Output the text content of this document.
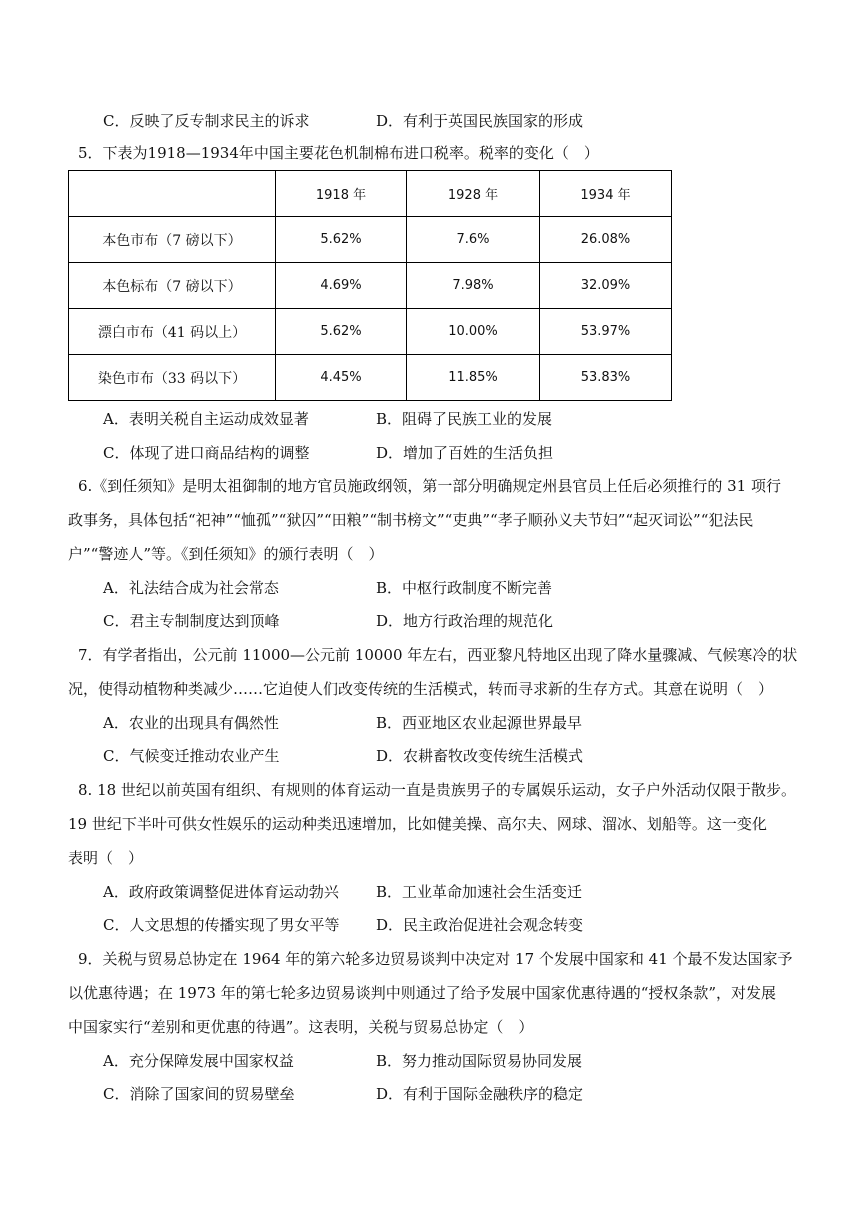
C．反映了反专制求民主的诉求	D．有利于英国民族国家的形成
5．下表为1918—1934年中国主要花色机制棉布进口税率。税率的变化（　）
	1918 年	1928 年	1934 年
本色市布（7 磅以下）	5.62%	7.6%	26.08%
本色标布（7 磅以下）	4.69%	7.98%	32.09%
漂白市布（41 码以上）	5.62%	10.00%	53.97%
染色市布（33 码以下）	4.45%	11.85%	53.83%
A．表明关税自主运动成效显著	B．阻碍了民族工业的发展
C．体现了进口商品结构的调整	D．增加了百姓的生活负担
6.《到任须知》是明太祖御制的地方官员施政纲领，第一部分明确规定州县官员上任后必须推行的 31 项行
政事务，具体包括“祀神”“恤孤”“狱囚”“田粮”“制书榜文”“吏典”“孝子顺孙义夫节妇”“起灭词讼”“犯法民
户”“警迹人”等。《到任须知》的颁行表明（　）
A．礼法结合成为社会常态	B．中枢行政制度不断完善
C．君主专制制度达到顶峰	D．地方行政治理的规范化
7．有学者指出，公元前 11000—公元前 10000 年左右，西亚黎凡特地区出现了降水量骤减、气候寒冷的状
况，使得动植物种类减少……它迫使人们改变传统的生活模式，转而寻求新的生存方式。其意在说明（　）
A．农业的出现具有偶然性	B．西亚地区农业起源世界最早
C．气候变迁推动农业产生	D．农耕畜牧改变传统生活模式
8. 18 世纪以前英国有组织、有规则的体育运动一直是贵族男子的专属娱乐运动，女子户外活动仅限于散步。
19 世纪下半叶可供女性娱乐的运动种类迅速增加，比如健美操、高尔夫、网球、溜冰、划船等。这一变化
表明（　）
A．政府政策调整促进体育运动勃兴 B．工业革命加速社会生活变迁
C．人文思想的传播实现了男女平等 D．民主政治促进社会观念转变
9．关税与贸易总协定在 1964 年的第六轮多边贸易谈判中决定对 17 个发展中国家和 41 个最不发达国家予
以优惠待遇；在 1973 年的第七轮多边贸易谈判中则通过了给予发展中国家优惠待遇的“授权条款”，对发展
中国家实行“差别和更优惠的待遇”。这表明，关税与贸易总协定（　）
A．充分保障发展中国家权益	B．努力推动国际贸易协同发展
C．消除了国家间的贸易壁垒	D．有利于国际金融秩序的稳定
